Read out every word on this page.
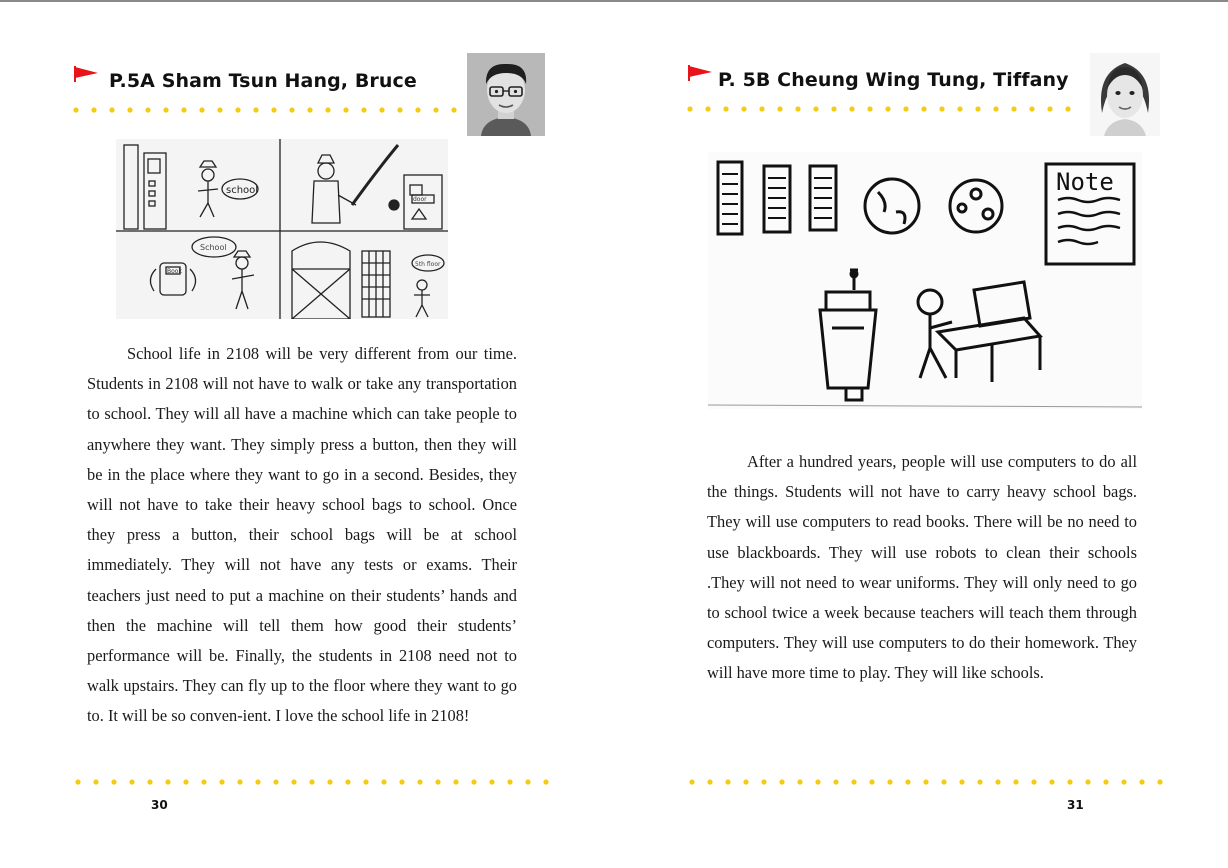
P.5A Sham Tsun Hang, Bruce
school
School
Book
5th floor
door

School life in 2108 will be very different from our time. Students in 2108 will not have to walk or take any transportation to school. They will all have a machine which can take people to anywhere they want. They simply press a button, then they will be in the place where they want to go in a second. Besides, they will not have to take their heavy school bags to school. Once they press a button, their school bags will be at school immediately. They will not have any tests or exams. Their teachers just need to put a machine on their students’ hands and then the machine will tell them how good their students’ performance will be. Finally, the students in 2108 need not to walk upstairs. They can fly up to the floor where they want to go to. It will be so conven-ient. I love the school life in 2108!

30
P. 5B Cheung Wing Tung, Tiffany
Note

After a hundred years, people will use computers to do all the things. Students will not have to carry heavy school bags. They will use computers to read books. There will be no need to use blackboards. They will use robots to clean their schools .They will not need to wear uniforms. They will only need to go to school twice a week because teachers will teach them through computers. They will use computers to do their homework. They will have more time to play. They will like schools.

31
